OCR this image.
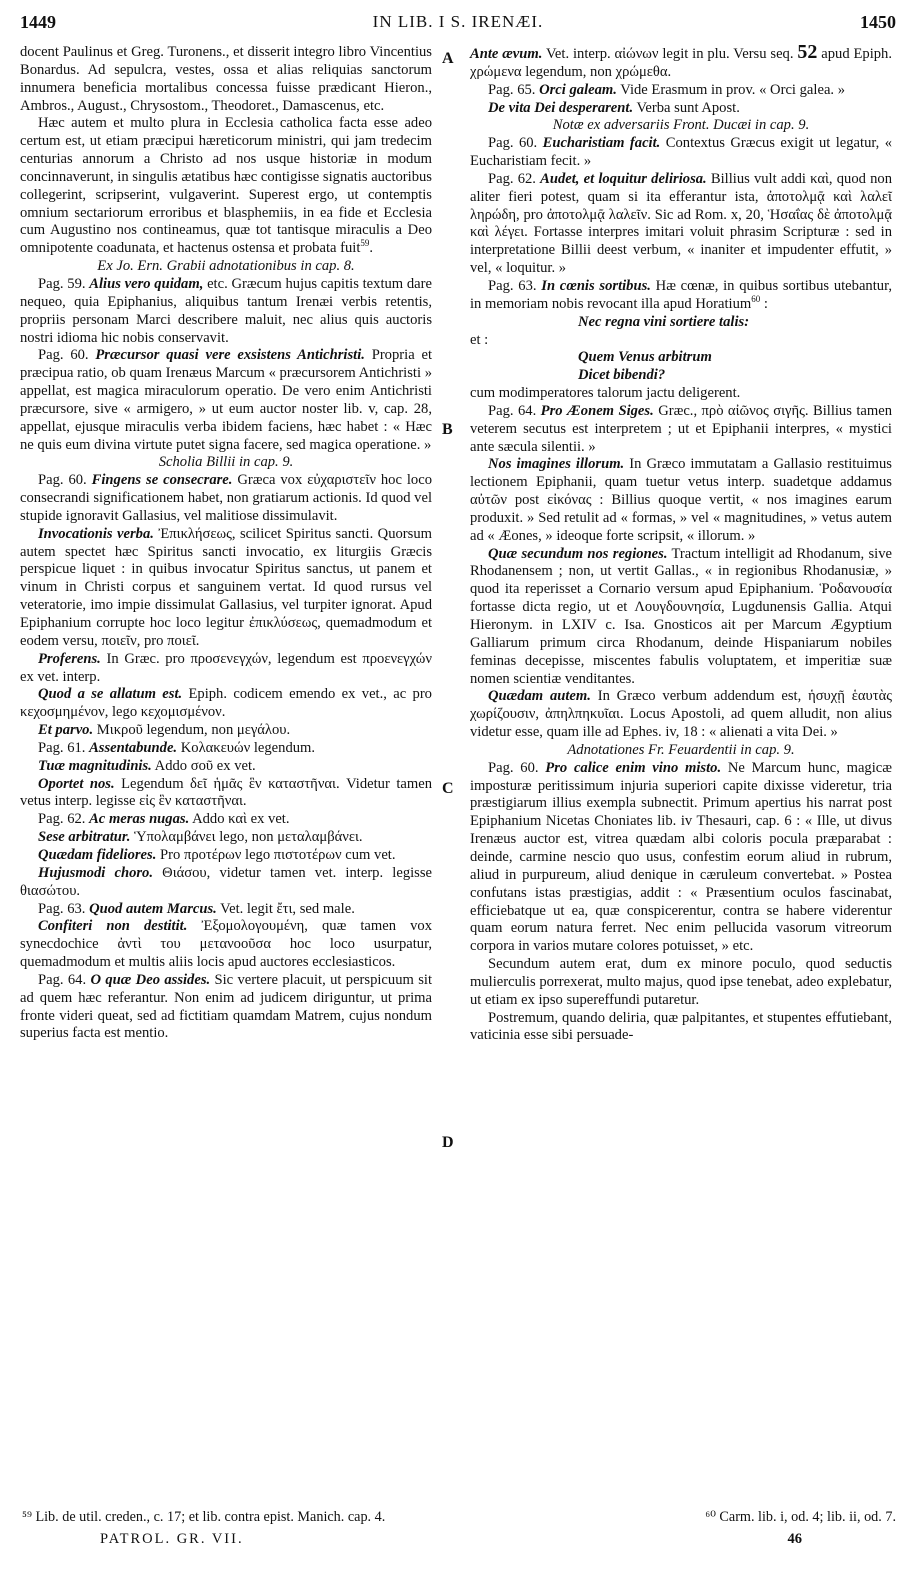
1449	IN LIB. I S. IRENÆI.	1450

docent Paulinus et Greg. Turonens., et disserit integro libro Vincentius Bonardus. Ad sepulcra, vestes, ossa et alias reliquias sanctorum innumera beneficia mortalibus concessa fuisse prædicant Hieron., Ambros., August., Chrysostom., Theodoret., Damascenus, etc.

Hæc autem et multo plura in Ecclesia catholica facta esse adeo certum est, ut etiam præcipui hæreticorum ministri, qui jam tredecim centurias annorum a Christo ad nos usque historiæ in modum concinnaverunt, in singulis ætatibus hæc contigisse signatis auctoribus collegerint, scripserint, vulgaverint. Superest ergo, ut contemptis omnium sectariorum erroribus et blasphemiis, in ea fide et Ecclesia cum Augustino nos contineamus, quæ tot tantisque miraculis a Deo omnipotente coadunata, et hactenus ostensa et probata fuit$^{59}$.

Ex Jo. Ern. Grabii adnotationibus in cap. 8.

Pag. 59. Alius vero quidam, etc. Græcum hujus capitis textum dare nequeo, quia Epiphanius, aliquibus tantum Irenæi verbis retentis, propriis personam Marci describere maluit, nec alius quis auctoris nostri idioma hic nobis conservavit.

Pag. 60. Præcursor quasi vere exsistens Antichristi. Propria et præcipua ratio, ob quam Irenæus Marcum « præcursorem Antichristi » appellat, est magica miraculorum operatio. De vero enim Antichristi præcursore, sive « armigero, » ut eum auctor noster lib. v, cap. 28, appellat, ejusque miraculis verba ibidem faciens, hæc habet : « Hæc ne quis eum divina virtute putet signa facere, sed magica operatione. »

Scholia Billii in cap. 9.

Pag. 60. Fingens se consecrare. Græca vox εὐχαριστεῖν hoc loco consecrandi significationem habet, non gratiarum actionis. Id quod vel stupide ignoravit Gallasius, vel malitiose dissimulavit.

Invocationis verba. Ἐπικλήσεως, scilicet Spiritus sancti. Quorsum autem spectet hæc Spiritus sancti invocatio, ex liturgiis Græcis perspicue liquet : in quibus invocatur Spiritus sanctus, ut panem et vinum in Christi corpus et sanguinem vertat. Id quod rursus vel veteratorie, imo impie dissimulat Gallasius, vel turpiter ignorat. Apud Epiphanium corrupte hoc loco legitur ἐπικλύσεως, quemadmodum et eodem versu, ποιεῖν, pro ποιεῖ.

Proferens. In Græc. pro προσενεγχών, legendum est προενεγχών ex vet. interp.

Quod a se allatum est. Epiph. codicem emendo ex vet., ac pro κεχοσμημένον, lego κεχομισμένον.

Et parvo. Μικροῦ legendum, non μεγάλου.

Pag. 61. Assentabunde. Κολακευών legendum.

Tuæ magnitudinis. Addo σοῦ ex vet.

Oportet nos. Legendum δεῖ ἡμᾶς ἓν καταστῆναι. Videtur tamen vetus interp. legisse εἰς ἓν καταστῆναι.

Pag. 62. Ac meras nugas. Addo καὶ ex vet.

Sese arbitratur. Ὑπολαμβάνει lego, non μεταλαμβάνει.

Quædam fideliores. Pro προτέρων lego πιστοτέρων cum vet.

Hujusmodi choro. Θιάσου, videtur tamen vet. interp. legisse θιασώτου.

Pag. 63. Quod autem Marcus. Vet. legit ἔτι, sed male.

Confiteri non destitit. Ἐξομολογουμένη, quæ tamen vox synecdochice ἀντὶ του μετανοοῦσα hoc loco usurpatur, quemadmodum et multis aliis locis apud auctores ecclesiasticos.

Pag. 64. O quæ Deo assides. Sic vertere placuit, ut perspicuum sit ad quem hæc referantur. Non enim ad judicem diriguntur, ut prima fronte videri queat, sed ad fictitiam quamdam Matrem, cujus nondum superius facta est mentio.

A
B
C
D

Ante ævum. Vet. interp. αἰώνων legit in plu. Versu seq. 52 apud Epiph. χρώμενα legendum, non χρώμεθα.

Pag. 65. Orci galeam. Vide Erasmum in prov. « Orci galea. »

De vita Dei desperarent. Verba sunt Apost.

Notæ ex adversariis Front. Ducæi in cap. 9.

Pag. 60. Eucharistiam facit. Contextus Græcus exigit ut legatur, « Eucharistiam fecit. »

Pag. 62. Audet, et loquitur deliriosa. Billius vult addi καὶ, quod non aliter fieri potest, quam si ita efferantur ista, ἀποτολμᾷ καὶ λαλεῖ ληρώδη, pro ἀποτολμᾷ λαλεῖν. Sic ad Rom. x, 20, Ἡσαΐας δὲ ἀποτολμᾷ καὶ λέγει. Fortasse interpres imitari voluit phrasim Scripturæ : sed in interpretatione Billii deest verbum, « inaniter et impudenter effutit, » vel, « loquitur. »

Pag. 63. In cœnis sortibus. Hæ cœnæ, in quibus sortibus utebantur, in memoriam nobis revocant illa apud Horatium$^{60}$ :

Nec regna vini sortiere talis:

et :

Quem Venus arbitrum

Dicet bibendi?

cum modimperatores talorum jactu deligerent.

Pag. 64. Pro Æonem Siges. Græc., πρὸ αἰῶνος σιγῆς. Billius tamen veterem secutus est interpretem ; ut et Epiphanii interpres, « mystici ante sæcula silentii. »

Nos imagines illorum. In Græco immutatam a Gallasio restituimus lectionem Epiphanii, quam tuetur vetus interp. suadetque addamus αὐτῶν post εἰκόνας : Billius quoque vertit, « nos imagines earum produxit. » Sed retulit ad « formas, » vel « magnitudines, » vetus autem ad « Æones, » ideoque forte scripsit, « illorum. »

Quæ secundum nos regiones. Tractum intelligit ad Rhodanum, sive Rhodanensem ; non, ut vertit Gallas., « in regionibus Rhodanusiæ, » quod ita reperisset a Cornario versum apud Epiphanium. Ῥοδανουσία fortasse dicta regio, ut et Λουγδουνησία, Lugdunensis Gallia. Atqui Hieronym. in LXIV c. Isa. Gnosticos ait per Marcum Ægyptium Galliarum primum circa Rhodanum, deinde Hispaniarum nobiles feminas decepisse, miscentes fabulis voluptatem, et imperitiæ suæ nomen scientiæ venditantes.

Quædam autem. In Græco verbum addendum est, ἡσυχῇ ἑαυτὰς χωρίζουσιν, ἀπηλπηκυῖαι. Locus Apostoli, ad quem alludit, non alius videtur esse, quam ille ad Ephes. iv, 18 : « alienati a vita Dei. »

Adnotationes Fr. Feuardentii in cap. 9.

Pag. 60. Pro calice enim vino misto. Ne Marcum hunc, magicæ imposturæ peritissimum injuria superiori capite dixisse videretur, tria præstigiarum illius exempla subnectit. Primum apertius his narrat post Epiphanium Nicetas Choniates lib. iv Thesauri, cap. 6 : « Ille, ut divus Irenæus auctor est, vitrea quædam albi coloris pocula præparabat : deinde, carmine nescio quo usus, confestim eorum aliud in rubrum, aliud in purpureum, aliud denique in cæruleum convertebat. » Postea confutans istas præstigias, addit : « Præsentium oculos fascinabat, efficiebatque ut ea, quæ conspicerentur, contra se habere viderentur quam eorum natura ferret. Nec enim pellucida vasorum vitreorum corpora in varios mutare colores potuisset, » etc.

Secundum autem erat, dum ex minore poculo, quod seductis mulierculis porrexerat, multo majus, quod ipse tenebat, adeo explebatur, ut etiam ex ipso supereffundi putaretur.

Postremum, quando deliria, quæ palpitantes, et stupentes effutiebant, vaticinia esse sibi persuade-

⁵⁹ Lib. de util. creden., c. 17; et lib. contra epist. Manich. cap. 4.	⁶⁰ Carm. lib. i, od. 4; lib. ii, od. 7.
PATROL. GR. VII.	46
